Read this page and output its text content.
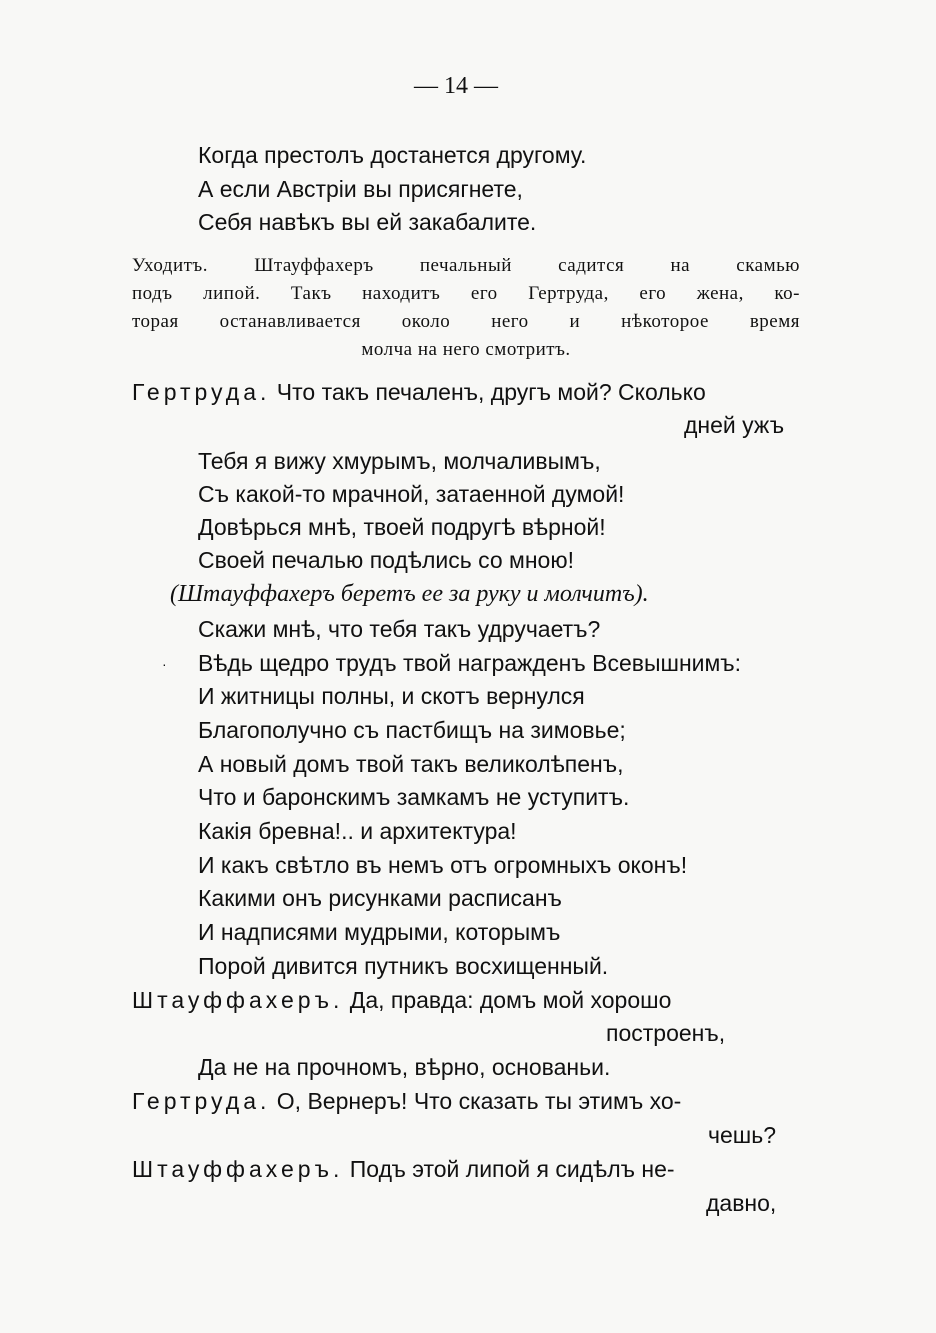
— 14 —
Когда престолъ достанется другому.
А если Австріи вы присягнете,
Себя навѣкъ вы ей закабалите.
Уходитъ. Штауффахеръ печальный садится на скамью
подъ липой. Такъ находитъ его Гертруда, его жена, ко-
торая останавливается около него и нѣкоторое время
молча на него смотритъ.
Гертруда. Что такъ печаленъ, другъ мой? Сколько
дней ужъ
Тебя я вижу хмурымъ, молчаливымъ,
Съ какой-то мрачной, затаенной думой!
Довѣрься мнѣ, твоей подругѣ вѣрной!
Своей печалью подѣлись со мною!
(Штауффахеръ беретъ ее за руку и молчитъ).
Скажи мнѣ, что тебя такъ удручаетъ?
· Вѣдь щедро трудъ твой награжденъ Всевышнимъ:
И житницы полны, и скотъ вернулся
Благополучно съ пастбищъ на зимовье;
А новый домъ твой такъ великолѣпенъ,
Что и баронскимъ замкамъ не уступитъ.
Какія бревна!.. и архитектура!
И какъ свѣтло въ немъ отъ огромныхъ оконъ!
Какими онъ рисунками расписанъ
И надписями мудрыми, которымъ
Порой дивится путникъ восхищенный.
Штауффахеръ. Да, правда: домъ мой хорошо
построенъ,
Да не на прочномъ, вѣрно, основаньи.
Гертруда. О, Вернеръ! Что сказать ты этимъ хо-
чешь?
Штауффахеръ. Подъ этой липой я сидѣлъ не-
давно,
